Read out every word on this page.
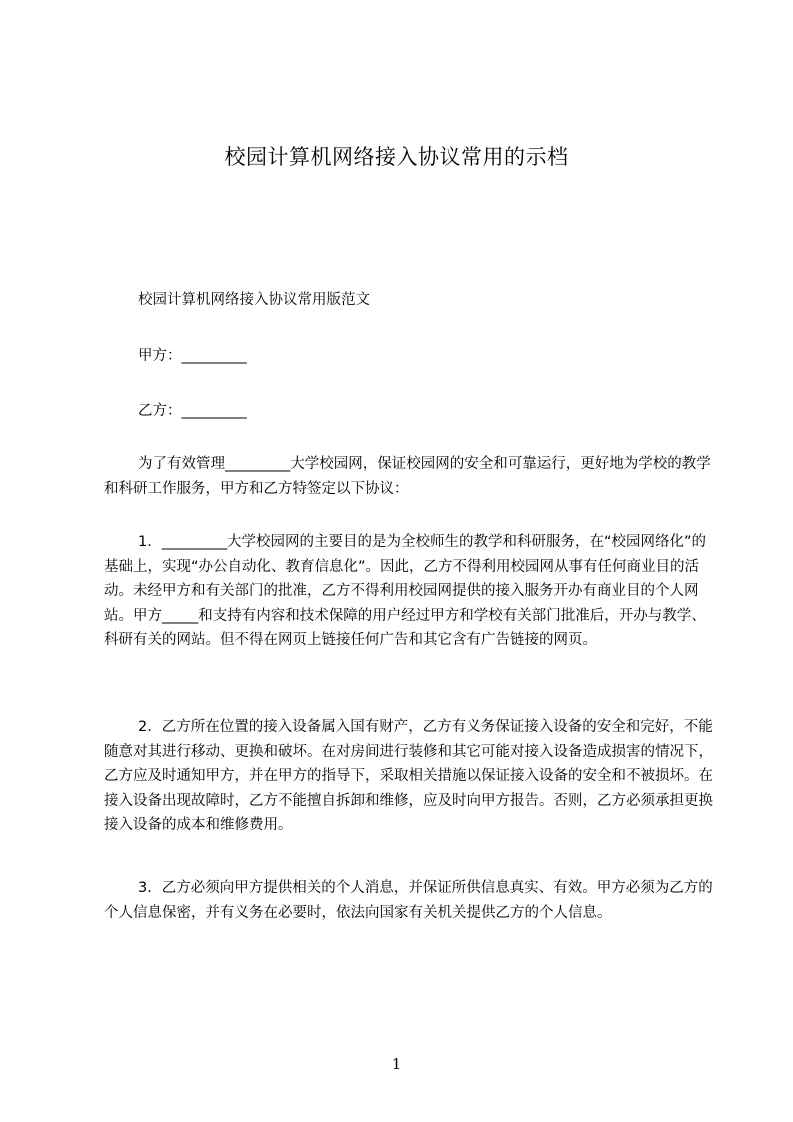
校园计算机网络接入协议常用的示档
校园计算机网络接入协议常用版范文
甲方：_________
乙方：_________
为了有效管理_________大学校园网，保证校园网的安全和可靠运行，更好地为学校的教学和科研工作服务，甲方和乙方特签定以下协议：
1．_________大学校园网的主要目的是为全校师生的教学和科研服务，在“校园网络化”的基础上，实现“办公自动化、教育信息化”。因此，乙方不得利用校园网从事有任何商业目的活动。未经甲方和有关部门的批准，乙方不得利用校园网提供的接入服务开办有商业目的个人网站。甲方_____和支持有内容和技术保障的用户经过甲方和学校有关部门批准后，开办与教学、科研有关的网站。但不得在网页上链接任何广告和其它含有广告链接的网页。
2．乙方所在位置的接入设备属入国有财产，乙方有义务保证接入设备的安全和完好，不能随意对其进行移动、更换和破坏。在对房间进行装修和其它可能对接入设备造成损害的情况下，乙方应及时通知甲方，并在甲方的指导下，采取相关措施以保证接入设备的安全和不被损坏。在接入设备出现故障时，乙方不能擅自拆卸和维修，应及时向甲方报告。否则，乙方必须承担更换接入设备的成本和维修费用。
3．乙方必须向甲方提供相关的个人消息，并保证所供信息真实、有效。甲方必须为乙方的个人信息保密，并有义务在必要时，依法向国家有关机关提供乙方的个人信息。
1
